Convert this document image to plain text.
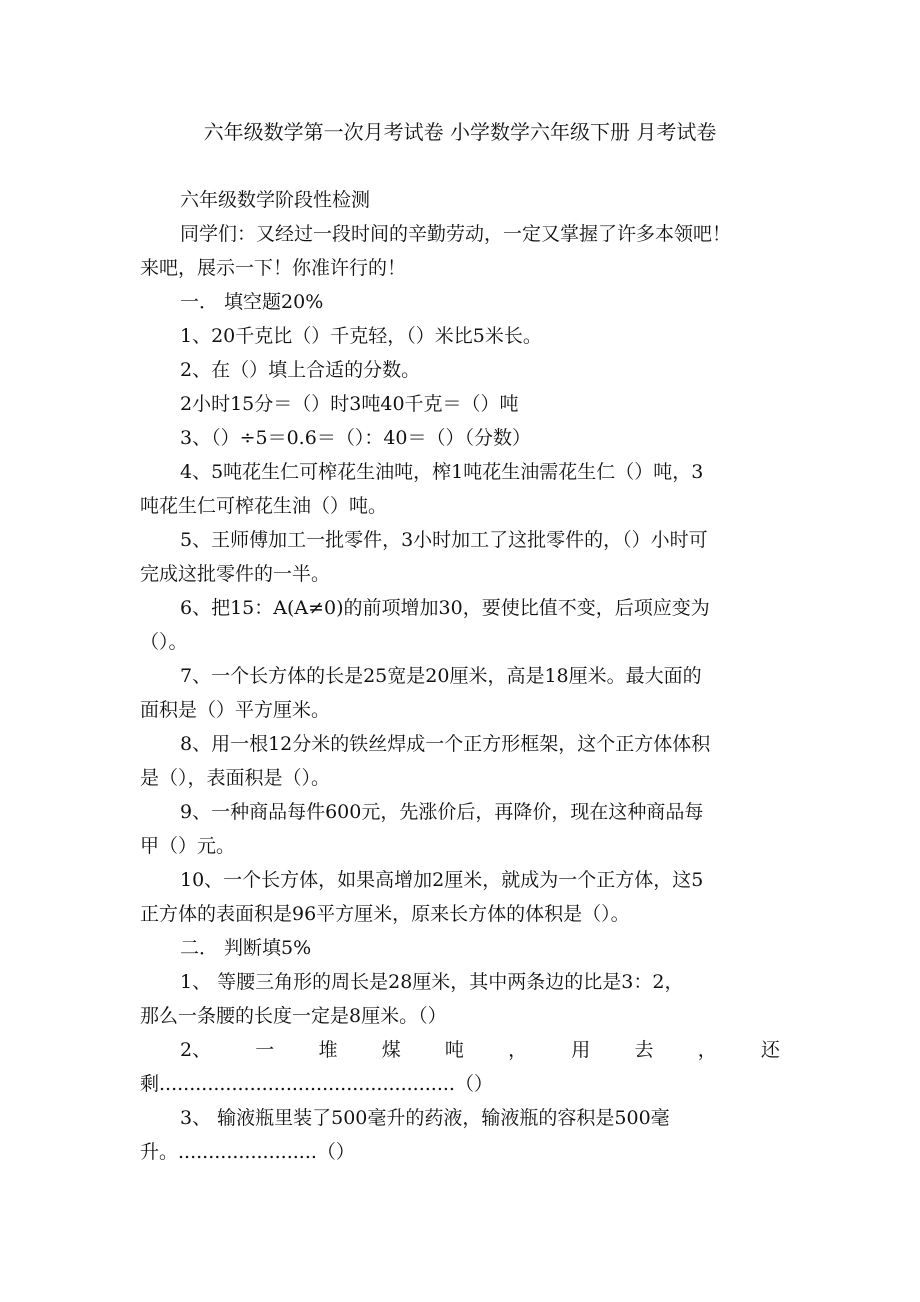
六年级数学第一次月考试卷 小学数学六年级下册 月考试卷
六年级数学阶段性检测
同学们：又经过一段时间的辛勤劳动，一定又掌握了许多本领吧！
来吧，展示一下！你准许行的！
一． 填空题20%
1、20千克比（）千克轻，（）米比5米长。
2、在（）填上合适的分数。
2小时15分＝（）时3吨40千克＝（）吨
3、（）÷5＝0.6＝（）：40＝（）（分数）
4、5吨花生仁可榨花生油吨，榨1吨花生油需花生仁（）吨，3
吨花生仁可榨花生油（）吨。
5、王师傅加工一批零件，3小时加工了这批零件的，（）小时可
完成这批零件的一半。
6、把15：A(A≠0)的前项增加30，要使比值不变，后项应变为
（）。
7、一个长方体的长是25宽是20厘米，高是18厘米。最大面的
面积是（）平方厘米。
8、用一根12分米的铁丝焊成一个正方形框架，这个正方体体积
是（），表面积是（）。
9、一种商品每件600元，先涨价后，再降价，现在这种商品每
甲（）元。
10、一个长方体，如果高增加2厘米，就成为一个正方体，这5
正方体的表面积是96平方厘米，原来长方体的体积是（）。
二． 判断填5%
1、 等腰三角形的周长是28厘米，其中两条边的比是3：2，
那么一条腰的长度一定是8厘米。（）
2、 一 堆 煤 吨 ， 用 去 ， 还
剩.................................................（）
3、 输液瓶里装了500毫升的药液，输液瓶的容积是500毫
升。.......................（）
